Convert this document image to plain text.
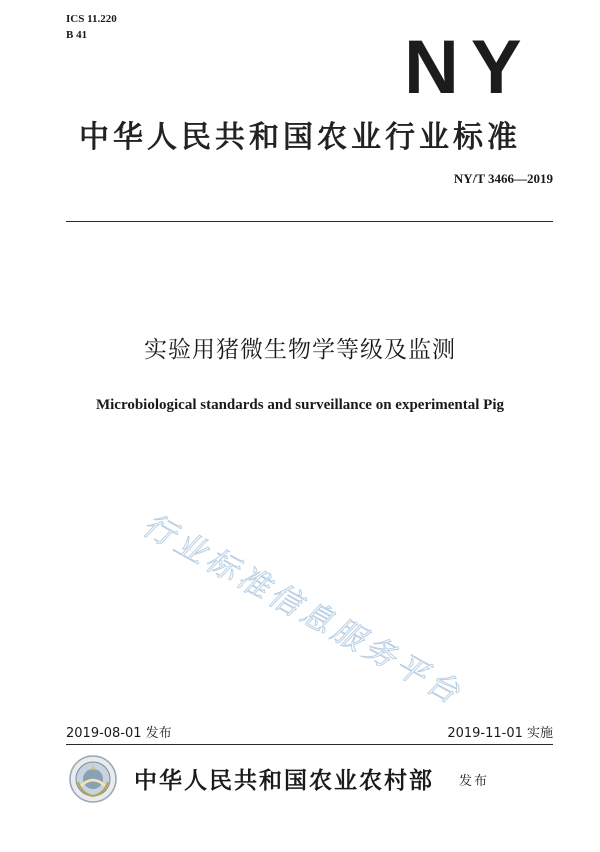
ICS 11.220
B 41	NY
中华人民共和国农业行业标准
NY/T 3466—2019
实验用猪微生物学等级及监测
Microbiological standards and surveillance on experimental Pig
行业标准信息服务平台
2019-08-01 发布	2019-11-01 实施
中华人民共和国农业农村部 发布
